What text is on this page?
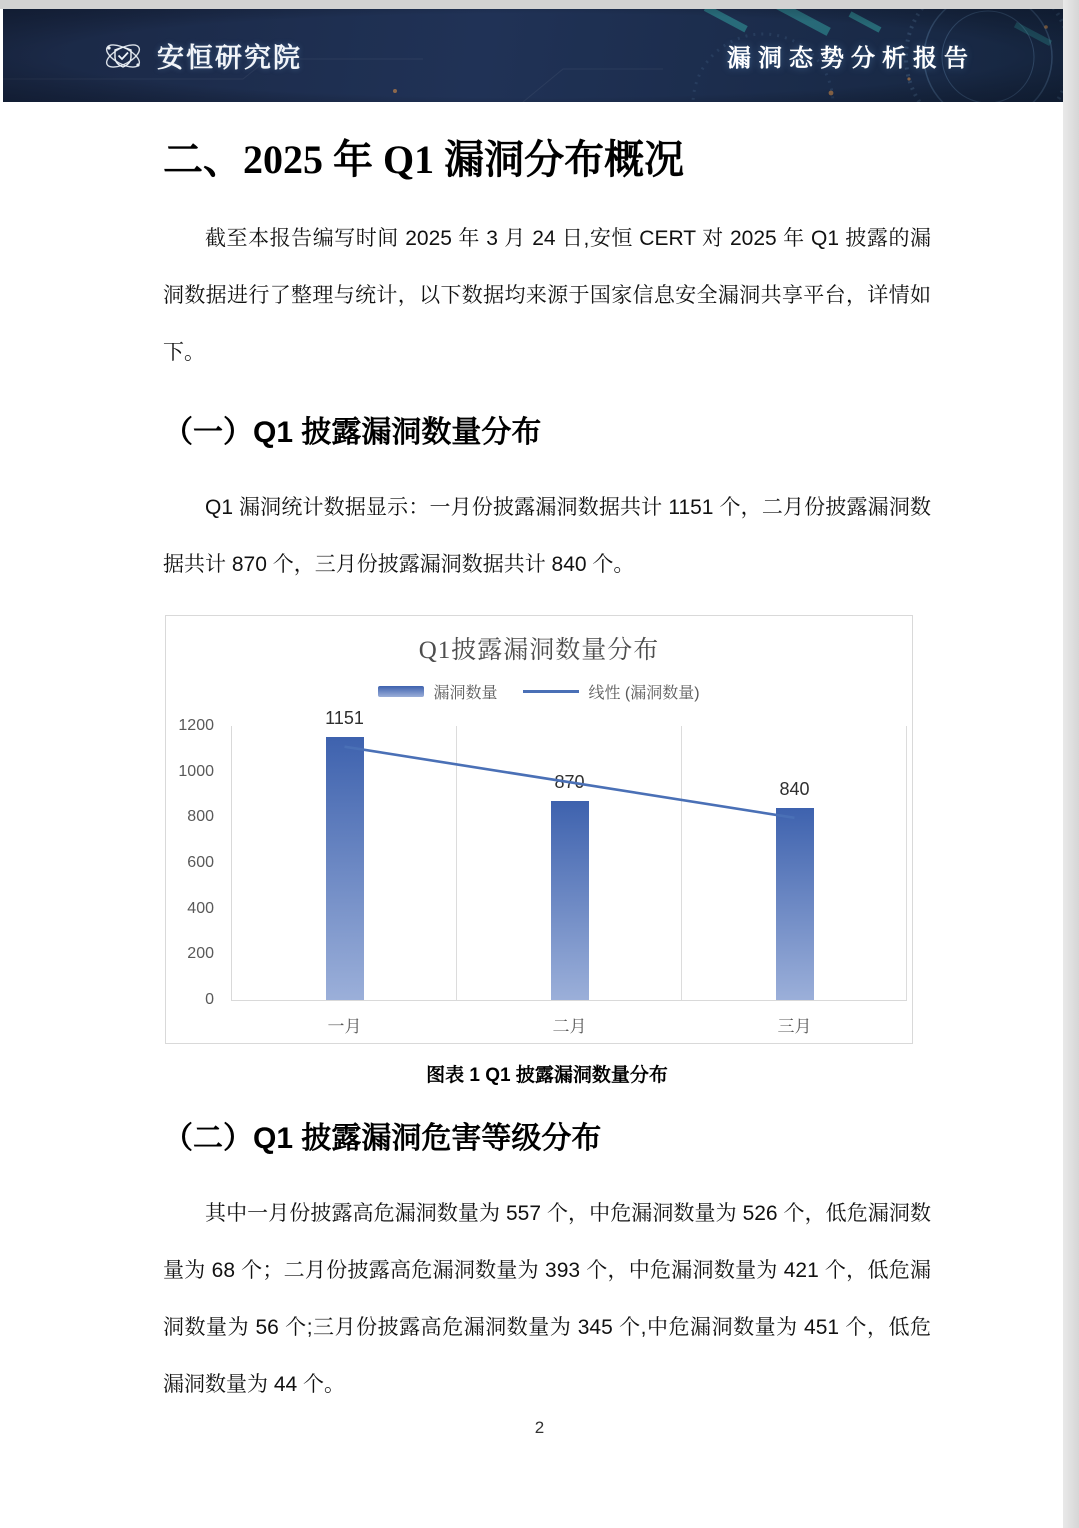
安恒研究院	漏洞态势分析报告
二、2025 年 Q1 漏洞分布概况

截至本报告编写时间 2025 年 3 月 24 日,安恒 CERT 对 2025 年 Q1 披露的漏洞数据进行了整理与统计，以下数据均来源于国家信息安全漏洞共享平台，详情如下。

（一）Q1 披露漏洞数量分布

Q1 漏洞统计数据显示：一月份披露漏洞数据共计 1151 个，二月份披露漏洞数据共计 870 个，三月份披露漏洞数据共计 840 个。

Q1披露漏洞数量分布
漏洞数量	线性 (漏洞数量)
1200
1000
800
600
400
200
0
1151
一月
870
二月
840
三月

图表 1 Q1 披露漏洞数量分布

（二）Q1 披露漏洞危害等级分布

其中一月份披露高危漏洞数量为 557 个，中危漏洞数量为 526 个，低危漏洞数量为 68 个；二月份披露高危漏洞数量为 393 个，中危漏洞数量为 421 个，低危漏洞数量为 56 个;三月份披露高危漏洞数量为 345 个,中危漏洞数量为 451 个，低危漏洞数量为 44 个。

2
